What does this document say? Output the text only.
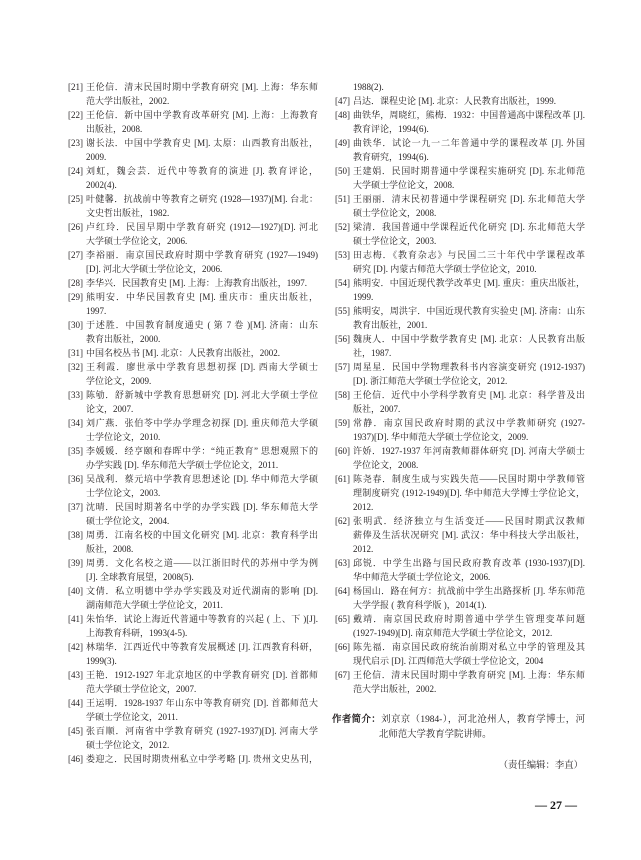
[21] 王伦信．清末民国时期中学教育研究 [M]. 上海：华东师
范大学出版社，2002.
[22] 王伦信．新中国中学教育改革研究 [M]. 上海：上海教育
出版社，2008.
[23] 谢长法．中国中学教育史 [M]. 太原：山西教育出版社，
2009.
[24] 刘虹，魏会芸．近代中等教育的演进 [J]. 教育评论，
2002(4).
[25] 叶健馨．抗战前中等教育之研究 (1928—1937)[M]. 台北：
文史哲出版社，1982.
[26] 卢红玲．民国早期中学教育研究 (1912—1927)[D]. 河北
大学硕士学位论文，2006.
[27] 李裕丽．南京国民政府时期中学教育研究 (1927—1949)
[D]. 河北大学硕士学位论文，2006.
[28] 李华兴．民国教育史 [M]. 上海：上海教育出版社，1997.
[29] 熊明安．中华民国教育史 [M]. 重庆市：重庆出版社，
1997.
[30] 于述胜．中国教育制度通史 ( 第 7 卷 )[M]. 济南：山东
教育出版社，2000.
[31] 中国名校丛书 [M]. 北京：人民教育出版社，2002.
[32] 王利霞．廖世承中学教育思想初探 [D]. 西南大学硕士
学位论文，2009.
[33] 陈劬．舒新城中学教育思想研究 [D]. 河北大学硕士学位
论文，2007.
[34] 刘广燕．张伯苓中学办学理念初探 [D]. 重庆师范大学硕
士学位论文，2010.
[35] 李媛媛．经亨颐和春晖中学：“纯正教育” 思想观照下的
办学实践 [D]. 华东师范大学硕士学位论文，2011.
[36] 吴战利．蔡元培中学教育思想述论 [D]. 华中师范大学硕
士学位论文，2003.
[37] 沈晴．民国时期著名中学的办学实践 [D]. 华东师范大学
硕士学位论文，2004.
[38] 周勇．江南名校的中国文化研究 [M]. 北京：教育科学出
版社，2008.
[39] 周勇．文化名校之道——以江浙旧时代的苏州中学为例
[J]. 全球教育展望，2008(5).
[40] 文倩．私立明德中学办学实践及对近代湖南的影响 [D].
湖南师范大学硕士学位论文，2011.
[41] 朱怡华．试论上海近代普通中等教育的兴起 ( 上、下 )[J].
上海教育科研，1993(4-5).
[42] 林瑞华．江西近代中等教育发展概述 [J]. 江西教育科研，
1999(3).
[43] 王艳．1912-1927 年北京地区的中学教育研究 [D]. 首都师
范大学硕士学位论文，2007.
[44] 王运明．1928-1937 年山东中等教育研究 [D]. 首都师范大
学硕士学位论文，2011.
[45] 张百顺．河南省中学教育研究 (1927-1937)[D]. 河南大学
硕士学位论文，2012.
[46] 娄迎之．民国时期贵州私立中学考略 [J]. 贵州文史丛刊，
1988(2).
[47] 吕达．课程史论 [M]. 北京：人民教育出版社，1999.
[48] 曲铁华，周晓红，熊梅．1932：中国普通高中课程改革 [J].
教育评论，1994(6).
[49] 曲铁华．试论一九一二年普通中学的课程改革 [J]. 外国
教育研究，1994(6).
[50] 王建娟．民国时期普通中学课程实施研究 [D]. 东北师范
大学硕士学位论文，2008.
[51] 王丽丽．清末民初普通中学课程研究 [D]. 东北师范大学
硕士学位论文，2008.
[52] 梁清．我国普通中学课程近代化研究 [D]. 东北师范大学
硕士学位论文，2003.
[53] 田志梅．《教育杂志》与民国二三十年代中学课程改革
研究 [D]. 内蒙古师范大学硕士学位论文，2010.
[54] 熊明安．中国近现代教学改革史 [M]. 重庆：重庆出版社，
1999.
[55] 熊明安，周洪宇．中国近现代教育实验史 [M]. 济南：山东
教育出版社，2001.
[56] 魏庚人．中国中学数学教育史 [M]. 北京：人民教育出版
社，1987.
[57] 周星星．民国中学物理教科书内容演变研究 (1912-1937)
[D]. 浙江师范大学硕士学位论文，2012.
[58] 王伦信．近代中小学科学教育史 [M]. 北京：科学普及出
版社，2007.
[59] 常静．南京国民政府时期的武汉中学教师研究 (1927-
1937)[D]. 华中师范大学硕士学位论文，2009.
[60] 许娇．1927-1937 年河南教师群体研究 [D]. 河南大学硕士
学位论文，2008.
[61] 陈尧春．制度生成与实践失范——民国时期中学教师管
理制度研究 (1912-1949)[D]. 华中师范大学博士学位论文，
2012.
[62] 张明武．经济独立与生活变迁——民国时期武汉教师
薪俸及生活状况研究 [M]. 武汉：华中科技大学出版社，
2012.
[63] 邱锐．中学生出路与国民政府教育改革 (1930-1937)[D].
华中师范大学硕士学位论文，2006.
[64] 杨国山．路在何方：抗战前中学生出路探析 [J]. 华东师范
大学学报 ( 教育科学版 )，2014(1).
[65] 戴靖．南京国民政府时期普通中学学生管理变革问题
(1927-1949)[D]. 南京师范大学硕士学位论文，2012.
[66] 陈先福．南京国民政府统治前期对私立中学的管理及其
现代启示 [D]. 江西师范大学硕士学位论文，2004
[67] 王伦信．清末民国时期中学教育研究 [M]. 上海：华东师
范大学出版社，2002.
作者简介：刘京京（1984-），河北沧州人，教育学博士，河
北师范大学教育学院讲师。
（责任编辑：李直）
— 27 —
